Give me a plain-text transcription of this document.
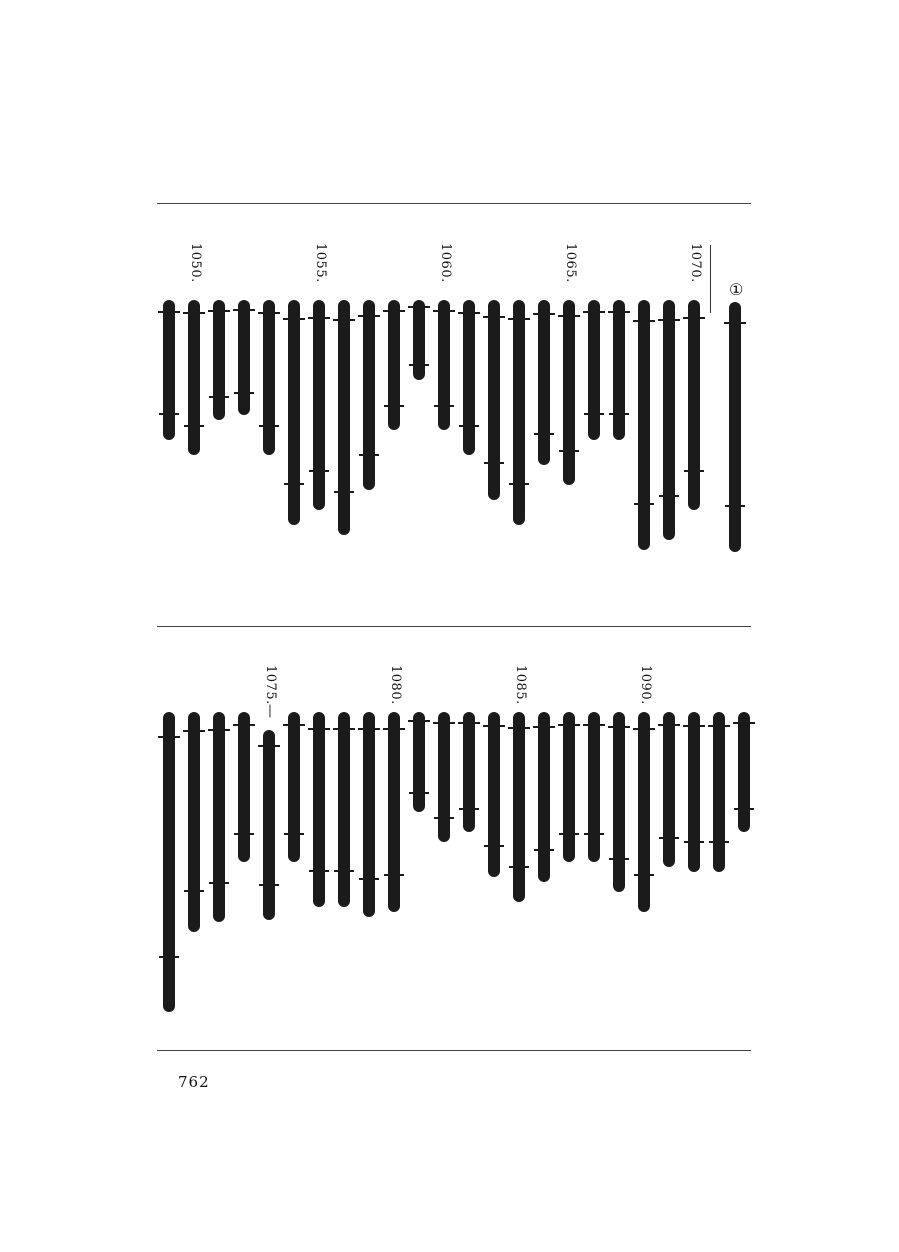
①
1070.
1065.
1060.
1055.
1050.
1090.
1085.
1080.
1075.
—
762
